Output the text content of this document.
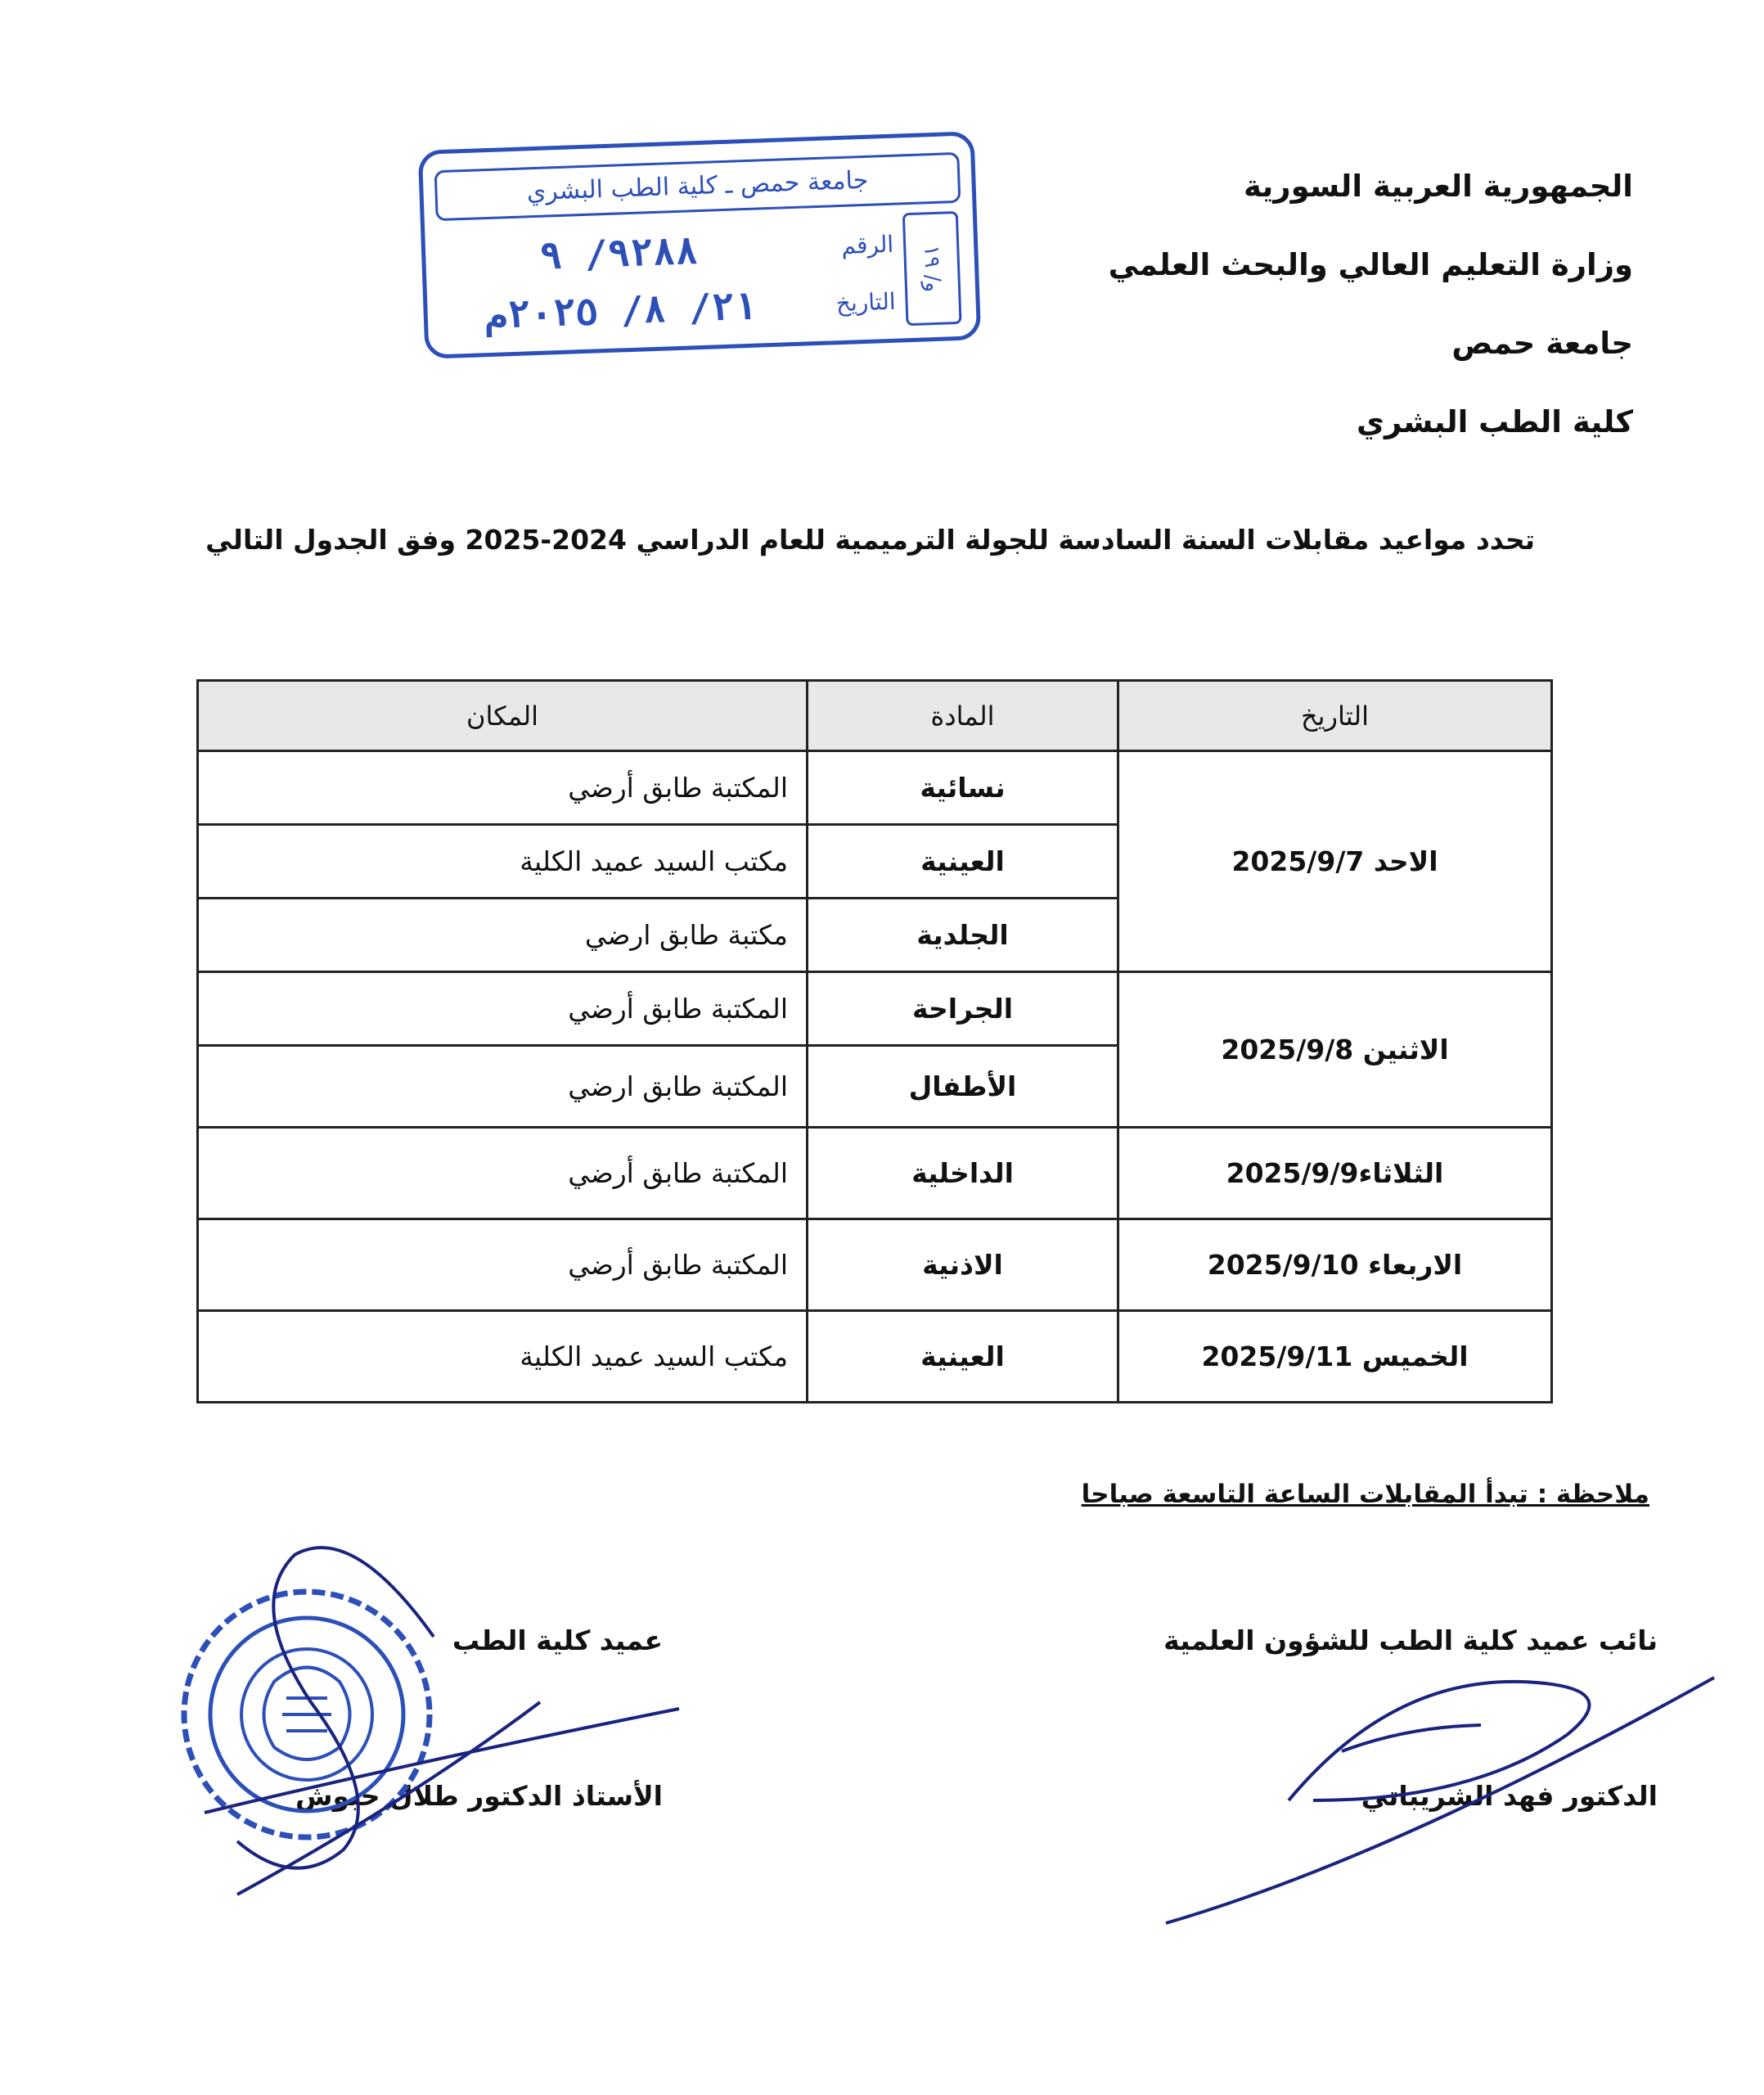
الجمهورية العربية السورية
وزارة التعليم العالي والبحث العلمي
جامعة حمص
كلية الطب البشري
جامعة حمص ـ كلية الطب البشري
و/ ١٩
الرقم
٩٢٨٨/ ٩
التاريخ
٢١/ ٨/ ٢٠٢٥م
تحدد مواعيد مقابلات السنة السادسة للجولة الترميمية للعام الدراسي 2024-2025 وفق الجدول التالي
التاريخ	المادة	المكان
الاحد 2025/9/7	نسائية	المكتبة طابق أرضي
	العينية	مكتب السيد عميد الكلية
	الجلدية	مكتبة طابق ارضي
الاثنين 2025/9/8	الجراحة	المكتبة طابق أرضي
	الأطفال	المكتبة طابق ارضي
الثلاثاء2025/9/9	الداخلية	المكتبة طابق أرضي
الاربعاء 2025/9/10	الاذنية	المكتبة طابق أرضي
الخميس 2025/9/11	العينية	مكتب السيد عميد الكلية
ملاحظة : تبدأ المقابلات الساعة التاسعة صباحا
نائب عميد كلية الطب للشؤون العلمية
الدكتور فهد الشريباتي
عميد كلية الطب
الأستاذ الدكتور طلال حبوش
